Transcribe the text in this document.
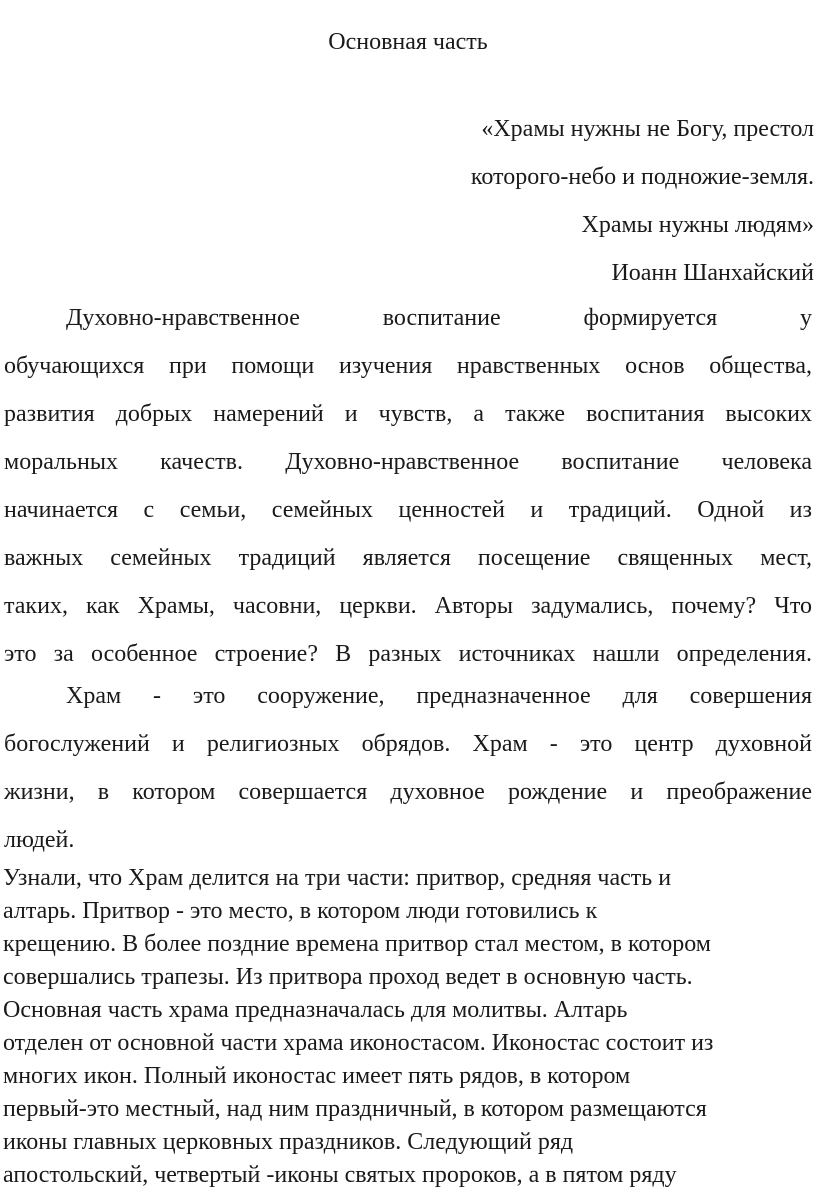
Основная часть
«Храмы нужны не Богу, престол
которого-небо и подножие-земля.
Храмы нужны людям»
Иоанн Шанхайский
Духовно-нравственное воспитание формируется у
обучающихся при помощи изучения нравственных основ общества,
развития добрых намерений и чувств, а также воспитания высоких
моральных качеств. Духовно-нравственное воспитание человека
начинается с семьи, семейных ценностей и традиций. Одной из
важных семейных традиций является посещение священных мест,
таких, как Храмы, часовни, церкви. Авторы задумались, почему? Что
это за особенное строение? В разных источниках нашли определения.
Храм - это сооружение, предназначенное для совершения
богослужений и религиозных обрядов. Храм - это центр духовной
жизни, в котором совершается духовное рождение и преображение
людей.
Узнали, что Храм делится на три части: притвор, средняя часть и
алтарь. Притвор - это место, в котором люди готовились к
крещению. В более поздние времена притвор стал местом, в котором
совершались трапезы. Из притвора проход ведет в основную часть.
Основная часть храма предназначалась для молитвы. Алтарь
отделен от основной части храма иконостасом. Иконостас состоит из
многих икон. Полный иконостас имеет пять рядов, в котором
первый-это местный, над ним праздничный, в котором размещаются
иконы главных церковных праздников. Следующий ряд
апостольский, четвертый -иконы святых пророков, а в пятом ряду
